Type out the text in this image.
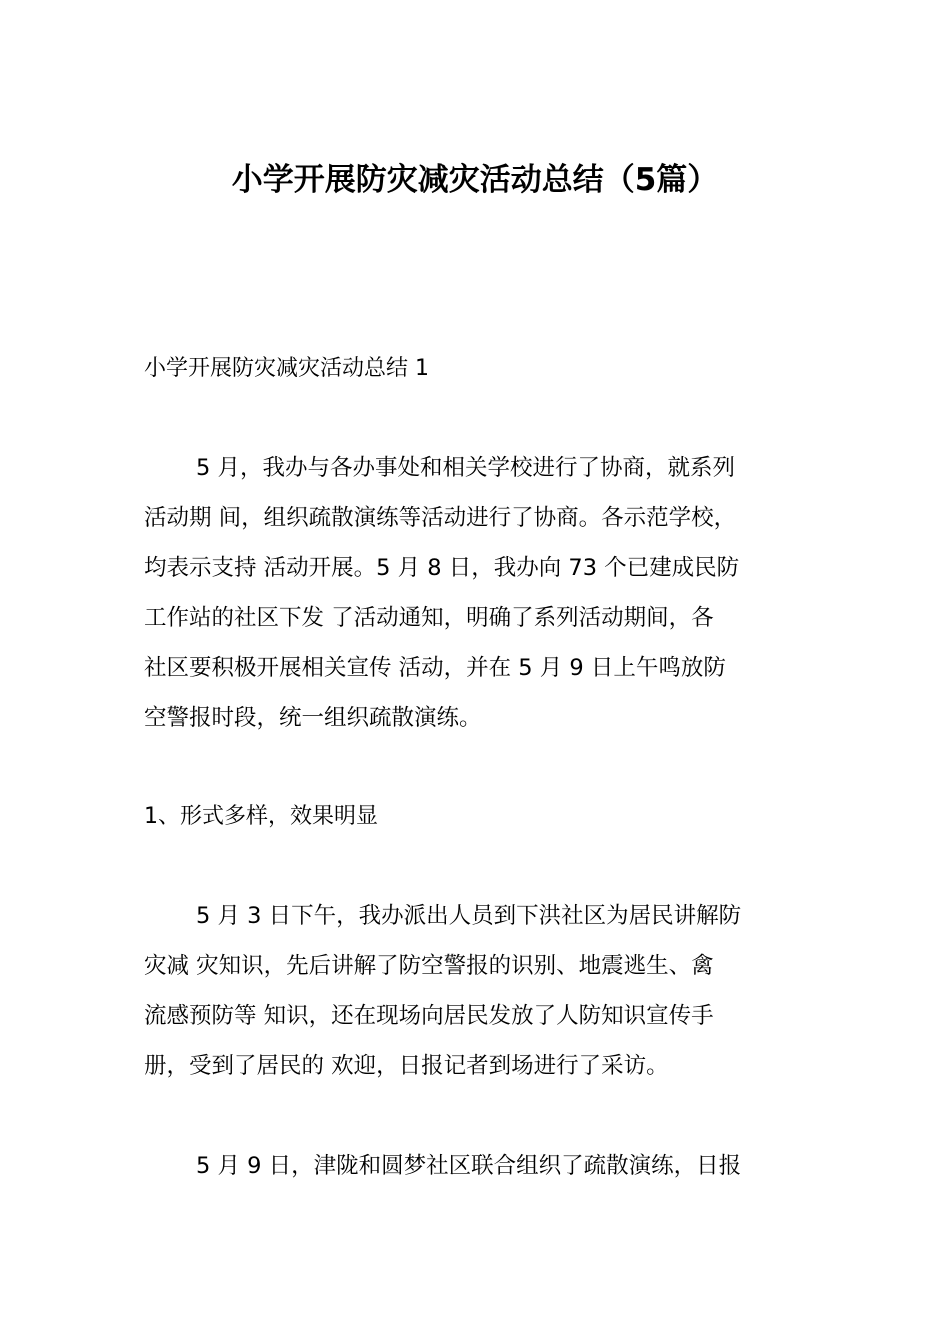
小学开展防灾减灾活动总结（5篇）
小学开展防灾减灾活动总结 1
5 月，我办与各办事处和相关学校进行了协商，就系列
活动期 间，组织疏散演练等活动进行了协商。各示范学校，
均表示支持 活动开展。5 月 8 日，我办向 73 个已建成民防
工作站的社区下发 了活动通知，明确了系列活动期间，各
社区要积极开展相关宣传 活动，并在 5 月 9 日上午鸣放防
空警报时段，统一组织疏散演练。
1、形式多样，效果明显
5 月 3 日下午，我办派出人员到下洪社区为居民讲解防
灾减 灾知识，先后讲解了防空警报的识别、地震逃生、禽
流感预防等 知识，还在现场向居民发放了人防知识宣传手
册，受到了居民的 欢迎，日报记者到场进行了采访。
5 月 9 日，津陇和圆梦社区联合组织了疏散演练，日报
